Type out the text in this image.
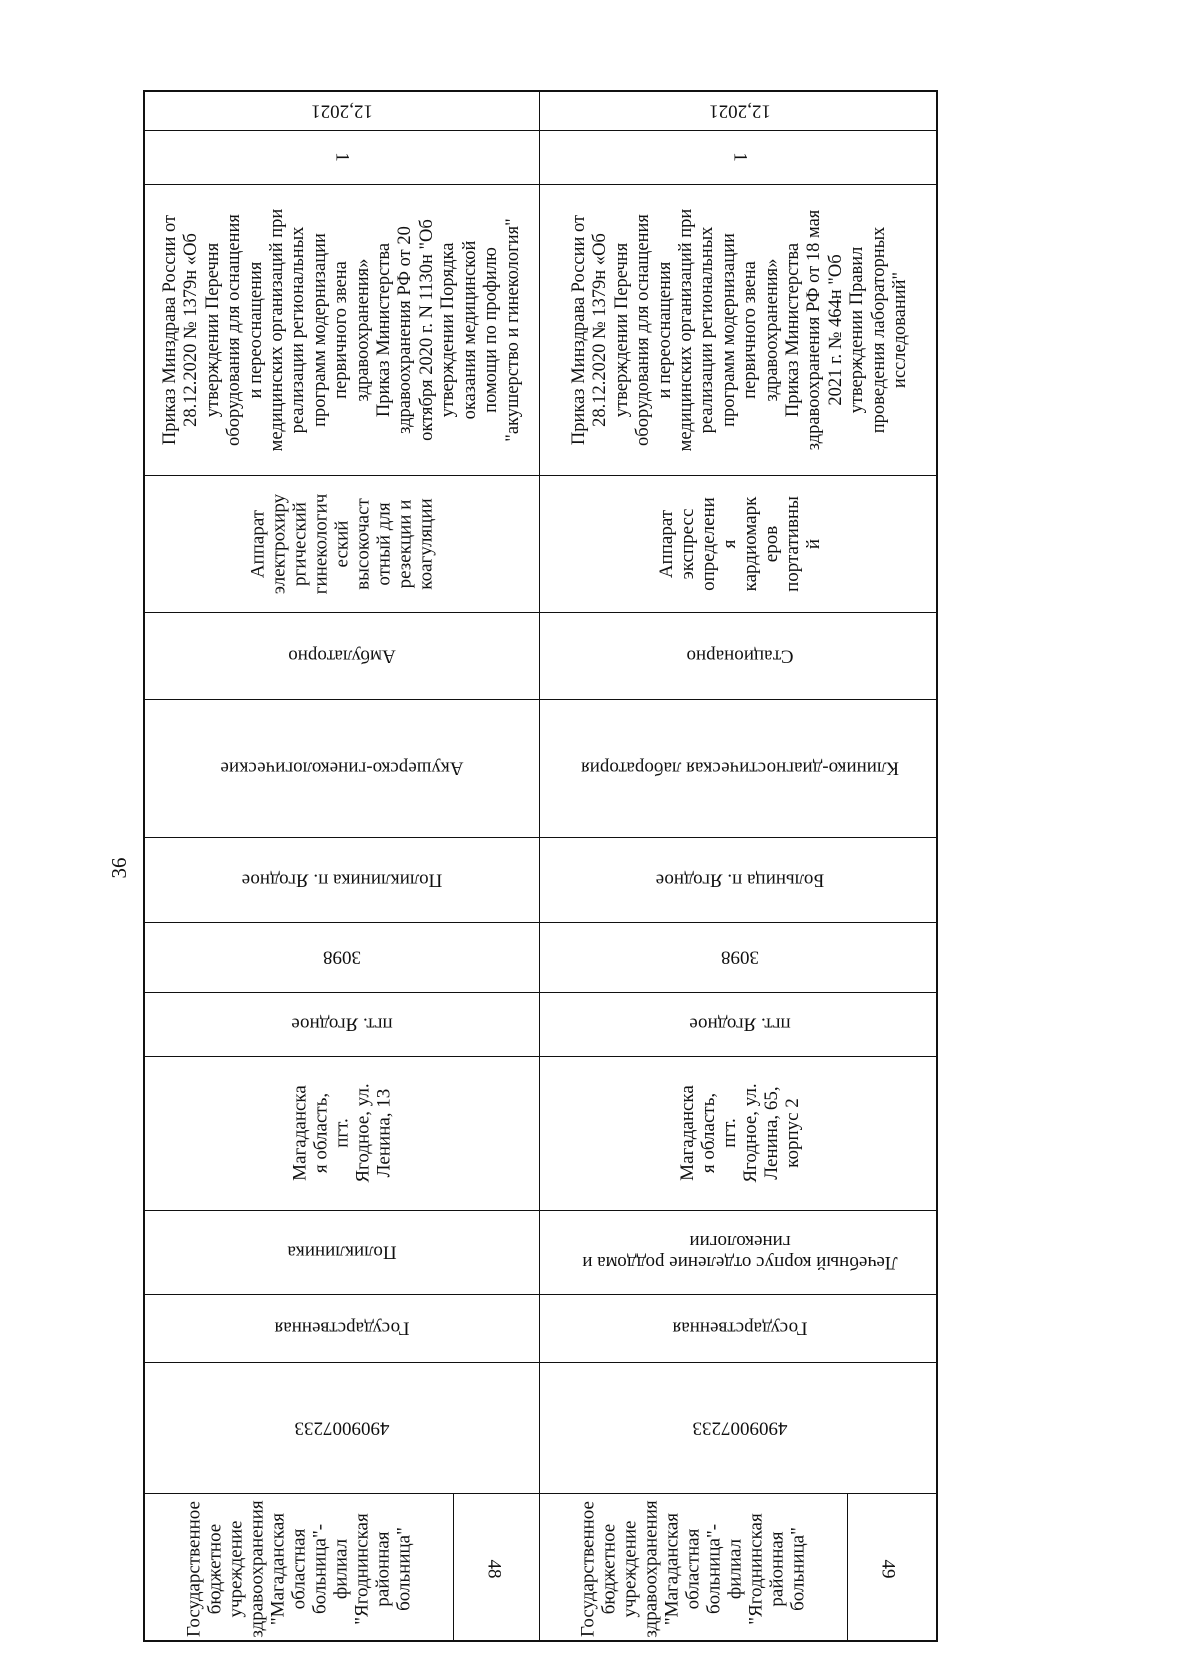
36
12,2021
1
Приказ Минздрава России от
28.12.2020 № 1379н «Об
утверждении Перечня
оборудования для оснащения
и переоснащения
медицинских организаций при
реализации региональных
программ модернизации
первичного звена
здравоохранения»
Приказ Министерства
здравоохранения РФ от 20
октября 2020 г. N 1130н "Об
утверждении Порядка
оказания медицинской
помощи по профилю
"акушерство и гинекология"
Аппарат
электрохиру
ргический
гинекологич
еский
высокочаст
отный для
резекции и
коагуляции
Амбулаторно
Акушерско-гинекологические
Поликлиника п. Ягодное
3098
пгт. Ягодное
Магаданска
я область,
пгт.
Ягодное, ул.
Ленина, 13
Поликлиника
Государственная
4909007233
Государственное
бюджетное
учреждение
здравоохранения
"Магаданская
областная
больница"-
филиал
"Ягоднинская
районная
больница"	48
12,2021
1
Приказ Минздрава России от
28.12.2020 № 1379н «Об
утверждении Перечня
оборудования для оснащения
и переоснащения
медицинских организаций при
реализации региональных
программ модернизации
первичного звена
здравоохранения»
Приказ Министерства
здравоохранения РФ от 18 мая
2021 г. № 464н "Об
утверждении Правил
проведения лабораторных
исследований"
Аппарат
экспресс
определени
я
кардиомарк
еров
портативны
й
Стационарно
Клинико-диагностическая лаборатория
Больница п. Ягодное
3098
пгт. Ягодное
Магаданска
я область,
пгт.
Ягодное, ул.
Ленина, 65,
корпус 2
Лечебный корпус отделение роддома и
гинекологии
Государственная
4909007233
Государственное
бюджетное
учреждение
здравоохранения
"Магаданская
областная
больница"-
филиал
"Ягоднинская
районная
больница"	49
